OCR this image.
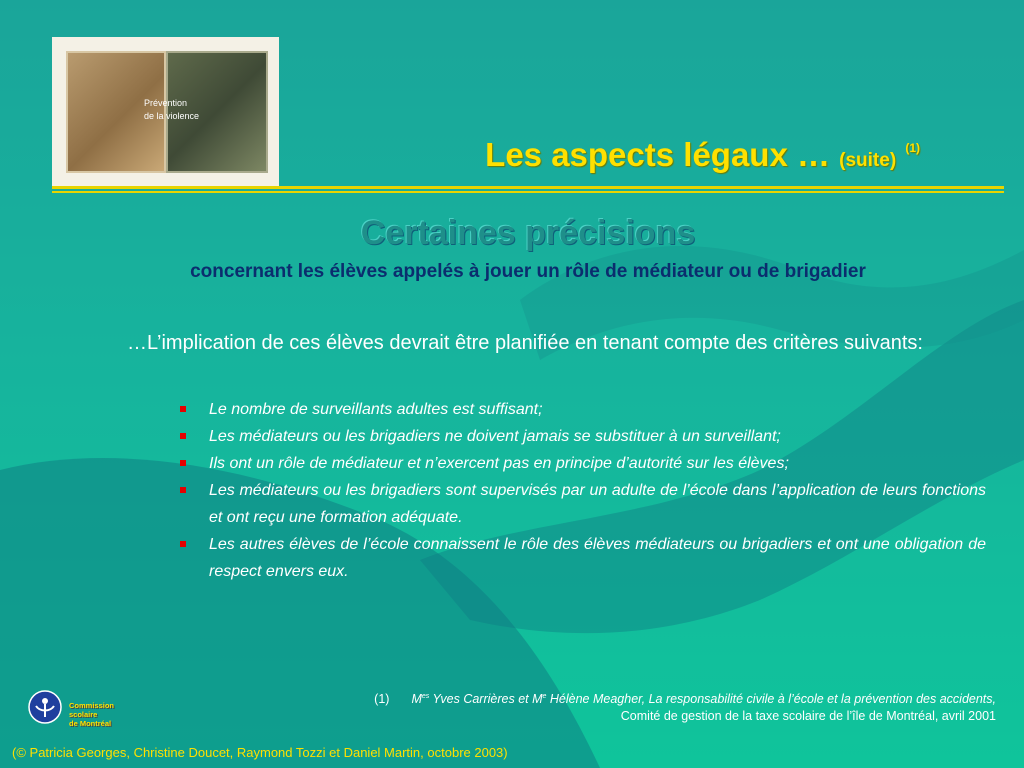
Prévention
de la violence
Les aspects légaux … (suite) $^{(1)}$
Certaines précisions
concernant les élèves appelés à jouer un rôle de médiateur ou de brigadier
…L’implication de ces élèves devrait être planifiée en tenant compte des critères suivants:
Le nombre de surveillants adultes est suffisant;
Les médiateurs ou les brigadiers ne doivent jamais se substituer à un surveillant;
Ils ont un rôle de médiateur et n’exercent pas en principe d’autorité sur les élèves;
Les médiateurs ou les brigadiers sont supervisés par un adulte de l’école dans l’application de leurs fonctions et ont reçu une formation adéquate.
Les autres élèves de l’école connaissent le rôle des élèves médiateurs ou brigadiers et ont une obligation de respect envers eux.
(1) M$^{es}$ Yves Carrières et Me Hélène Meagher, La responsabilité civile à l’école et la prévention des accidents,
Comité de gestion de la taxe scolaire de l’île de Montréal, avril 2001
Commission
scolaire
de Montréal
(© Patricia Georges, Christine Doucet, Raymond Tozzi et Daniel Martin, octobre 2003)
